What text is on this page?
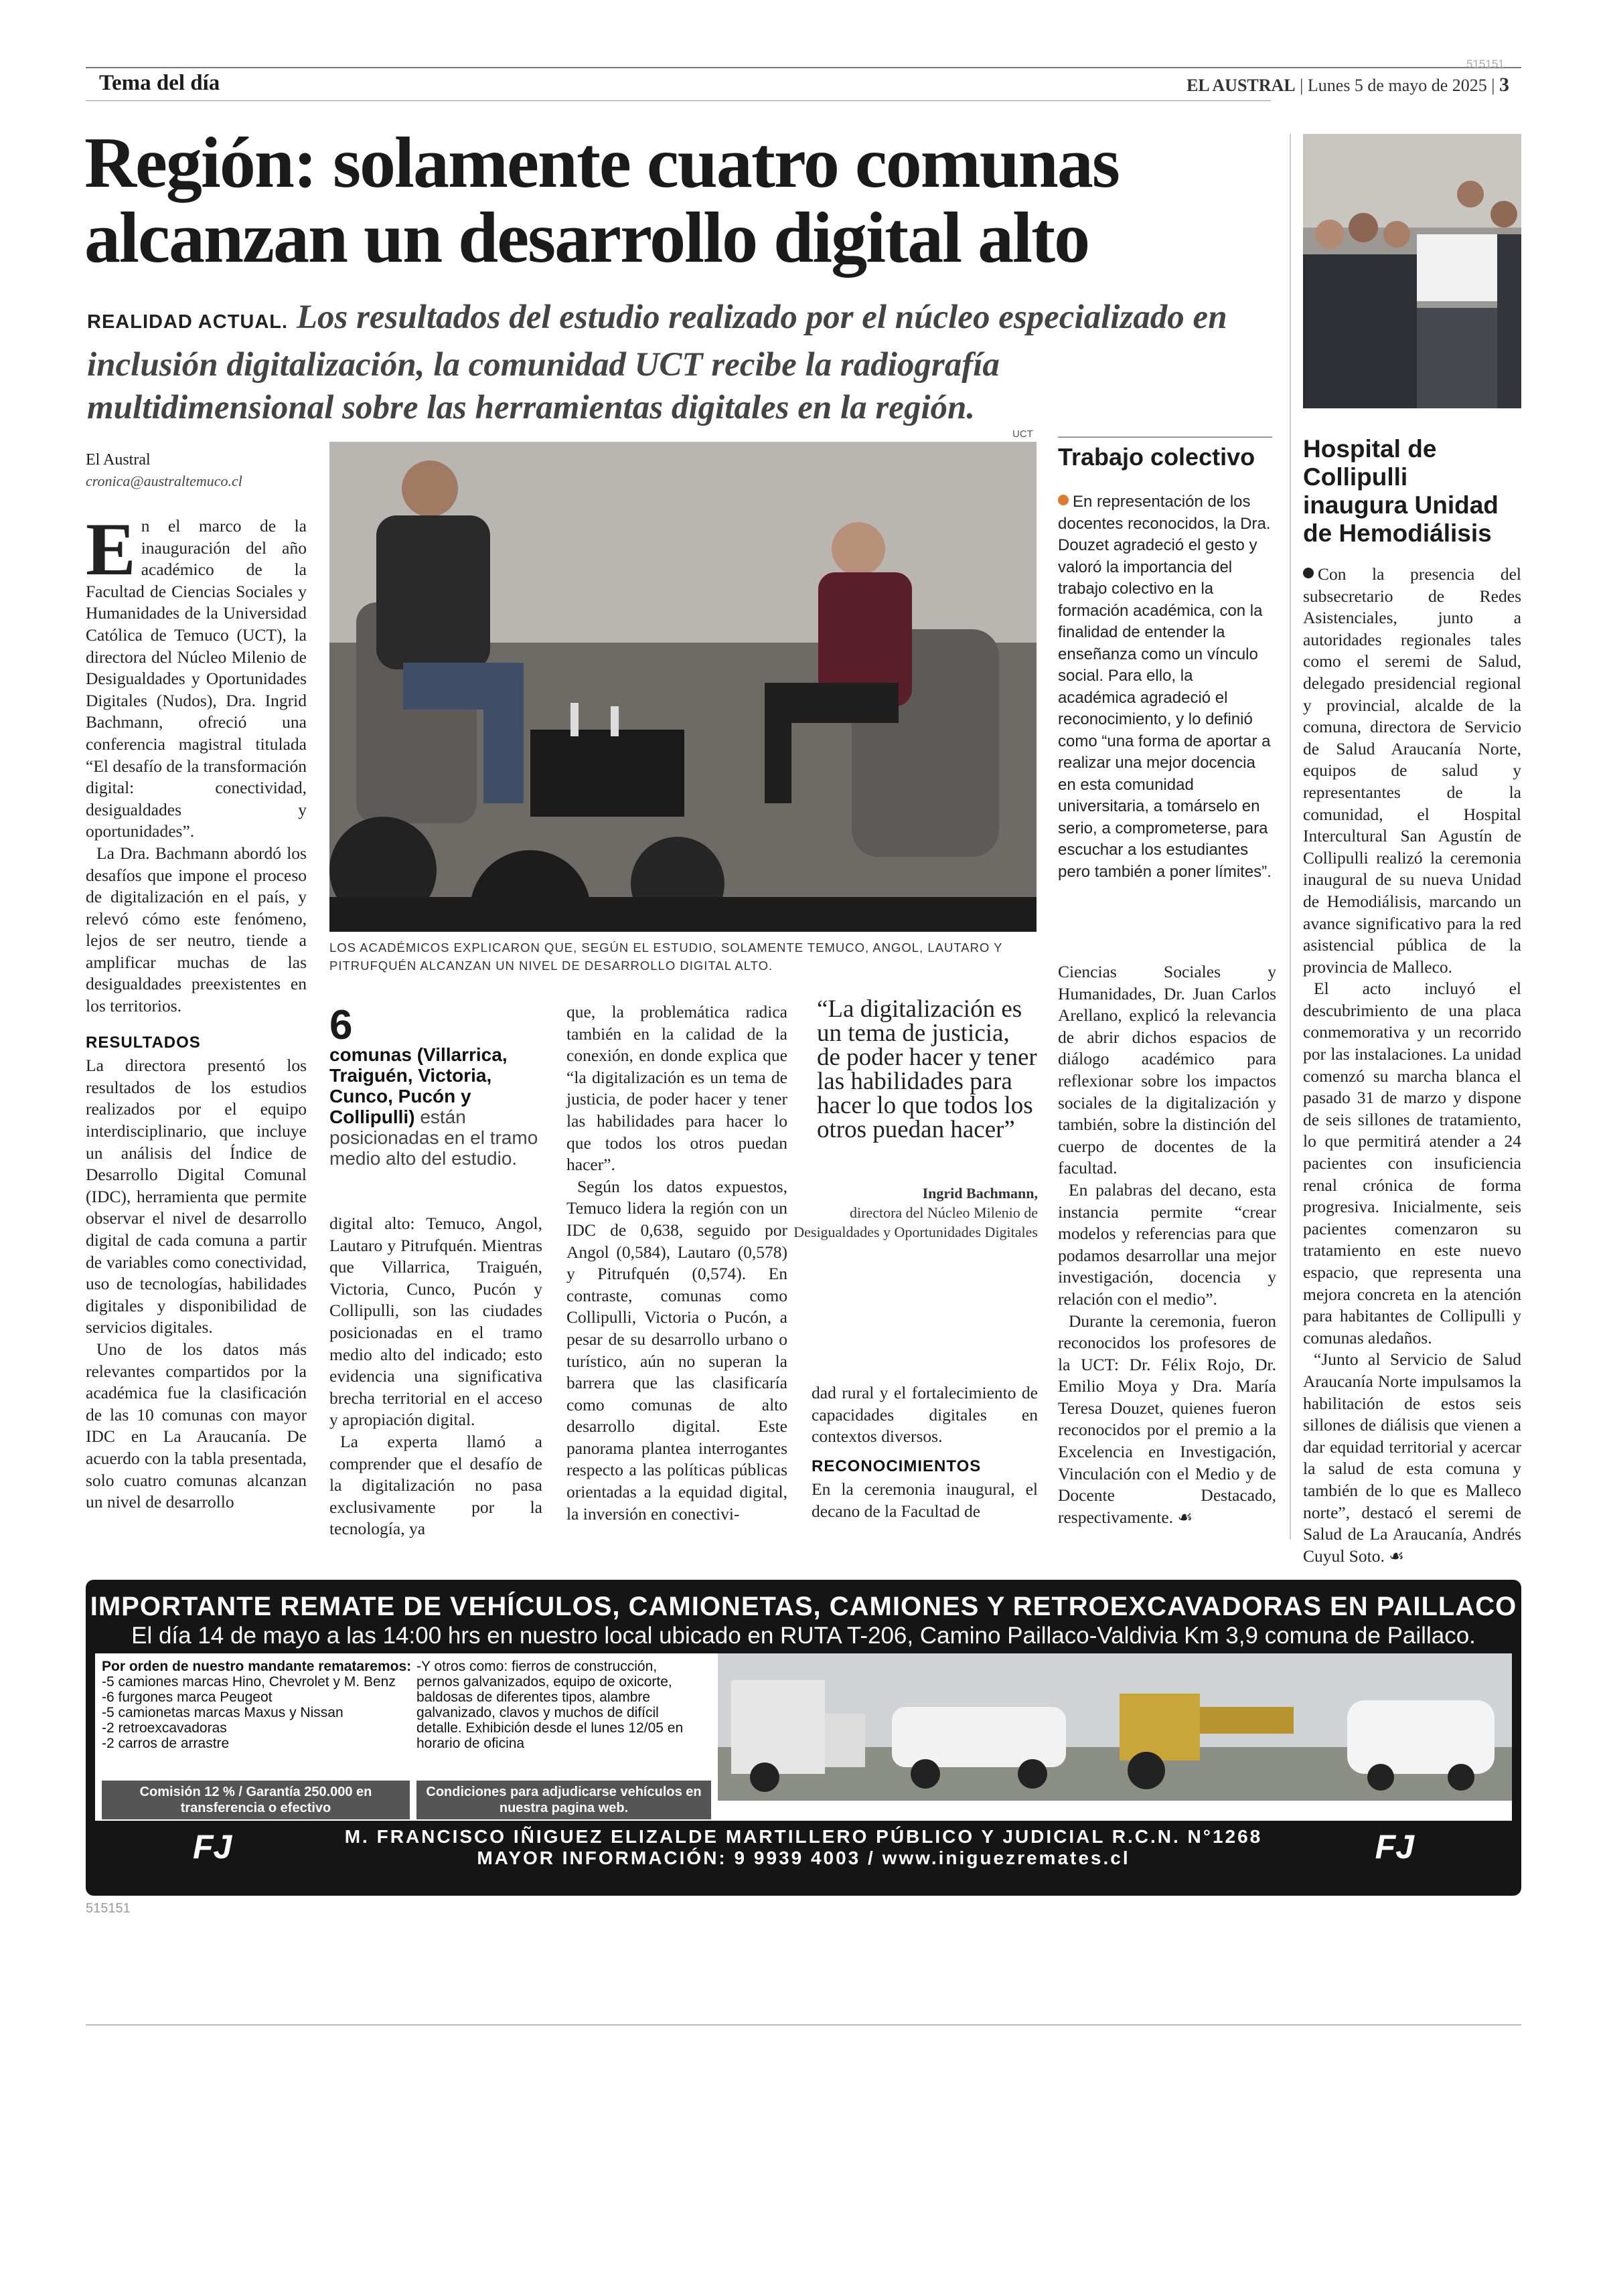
Tema del día	EL AUSTRAL | Lunes 5 de mayo de 2025 | 3
515151
Región: solamente cuatro comunas alcanzan un desarrollo digital alto
REALIDAD ACTUAL. Los resultados del estudio realizado por el núcleo especializado en inclusión digitalización, la comunidad UCT recibe la radiografía multidimensional sobre las herramientas digitales en la región.
El Austral
cronica@australtemuco.cl

En el marco de la inauguración del año académico de la Facultad de Ciencias Sociales y Humanidades de la Universidad Católica de Temuco (UCT), la directora del Núcleo Milenio de Desigualdades y Oportunidades Digitales (Nudos), Dra. Ingrid Bachmann, ofreció una conferencia magistral titulada “El desafío de la transformación digital: conectividad, desigualdades y oportunidades”.

La Dra. Bachmann abordó los desafíos que impone el proceso de digitalización en el país, y relevó cómo este fenómeno, lejos de ser neutro, tiende a amplificar muchas de las desigualdades preexistentes en los territorios.

RESULTADOS

La directora presentó los resultados de los estudios realizados por el equipo interdisciplinario, que incluye un análisis del Índice de Desarrollo Digital Comunal (IDC), herramienta que permite observar el nivel de desarrollo digital de cada comuna a partir de variables como conectividad, uso de tecnologías, habilidades digitales y disponibilidad de servicios digitales.

Uno de los datos más relevantes compartidos por la académica fue la clasificación de las 10 comunas con mayor IDC en La Araucanía. De acuerdo con la tabla presentada, solo cuatro comunas alcanzan un nivel de desarrollo

UCT
LOS ACADÉMICOS EXPLICARON QUE, SEGÚN EL ESTUDIO, SOLAMENTE TEMUCO, ANGOL, LAUTARO Y PITRUFQUÉN ALCANZAN UN NIVEL DE DESARROLLO DIGITAL ALTO.
6
comunas (Villarrica, Traiguén, Victoria, Cunco, Pucón y Collipulli) están posicionadas en el tramo medio alto del estudio.

digital alto: Temuco, Angol, Lautaro y Pitrufquén. Mientras que Villarrica, Traiguén, Victoria, Cunco, Pucón y Collipulli, son las ciudades posicionadas en el tramo medio alto del indicado; esto evidencia una significativa brecha territorial en el acceso y apropiación digital.

La experta llamó a comprender que el desafío de la digitalización no pasa exclusivamente por la tecnología, ya

que, la problemática radica también en la calidad de la conexión, en donde explica que “la digitalización es un tema de justicia, de poder hacer y tener las habilidades para hacer lo que todos los otros puedan hacer”.

Según los datos expuestos, Temuco lidera la región con un IDC de 0,638, seguido por Angol (0,584), Lautaro (0,578) y Pitrufquén (0,574). En contraste, comunas como Collipulli, Victoria o Pucón, a pesar de su desarrollo urbano o turístico, aún no superan la barrera que las clasificaría como comunas de alto desarrollo digital. Este panorama plantea interrogantes respecto a las políticas públicas orientadas a la equidad digital, la inversión en conectivi-

“La digitalización es un tema de justicia, de poder hacer y tener las habilidades para hacer lo que todos los otros puedan hacer”
Ingrid Bachmann,
directora del Núcleo Milenio de Desigualdades y Oportunidades Digitales

dad rural y el fortalecimiento de capacidades digitales en contextos diversos.

RECONOCIMIENTOS

En la ceremonia inaugural, el decano de la Facultad de

Trabajo colectivo
En representación de los docentes reconocidos, la Dra. Douzet agradeció el gesto y valoró la importancia del trabajo colectivo en la formación académica, con la finalidad de entender la enseñanza como un vínculo social. Para ello, la académica agradeció el reconocimiento, y lo definió como “una forma de aportar a realizar una mejor docencia en esta comunidad universitaria, a tomárselo en serio, a comprometerse, para escuchar a los estudiantes pero también a poner límites”.

Ciencias Sociales y Humanidades, Dr. Juan Carlos Arellano, explicó la relevancia de abrir dichos espacios de diálogo académico para reflexionar sobre los impactos sociales de la digitalización y también, sobre la distinción del cuerpo de docentes de la facultad.

En palabras del decano, esta instancia permite “crear modelos y referencias para que podamos desarrollar una mejor investigación, docencia y relación con el medio”.

Durante la ceremonia, fueron reconocidos los profesores de la UCT: Dr. Félix Rojo, Dr. Emilio Moya y Dra. María Teresa Douzet, quienes fueron reconocidos por el premio a la Excelencia en Investigación, Vinculación con el Medio y de Docente Destacado, respectivamente. ☙

Hospital de Collipulli inaugura Unidad de Hemodiálisis

Con la presencia del subsecretario de Redes Asistenciales, junto a autoridades regionales tales como el seremi de Salud, delegado presidencial regional y provincial, alcalde de la comuna, directora de Servicio de Salud Araucanía Norte, equipos de salud y representantes de la comunidad, el Hospital Intercultural San Agustín de Collipulli realizó la ceremonia inaugural de su nueva Unidad de Hemodiálisis, marcando un avance significativo para la red asistencial pública de la provincia de Malleco.

El acto incluyó el descubrimiento de una placa conmemorativa y un recorrido por las instalaciones. La unidad comenzó su marcha blanca el pasado 31 de marzo y dispone de seis sillones de tratamiento, lo que permitirá atender a 24 pacientes con insuficiencia renal crónica de forma progresiva. Inicialmente, seis pacientes comenzaron su tratamiento en este nuevo espacio, que representa una mejora concreta en la atención para habitantes de Collipulli y comunas aledaños.

“Junto al Servicio de Salud Araucanía Norte impulsamos la habilitación de estos seis sillones de diálisis que vienen a dar equidad territorial y acercar la salud de esta comuna y también de lo que es Malleco norte”, destacó el seremi de Salud de La Araucanía, Andrés Cuyul Soto. ☙

IMPORTANTE REMATE DE VEHÍCULOS, CAMIONETAS, CAMIONES Y RETROEXCAVADORAS EN PAILLACO
El día 14 de mayo a las 14:00 hrs en nuestro local ubicado en RUTA T-206, Camino Paillaco-Valdivia Km 3,9 comuna de Paillaco.
Por orden de nuestro mandante remataremos:
-5 camiones marcas Hino, Chevrolet y M. Benz
-6 furgones marca Peugeot
-5 camionetas marcas Maxus y Nissan
-2 retroexcavadoras
-2 carros de arrastre
-Y otros como: fierros de construcción, pernos galvanizados, equipo de oxicorte, baldosas de diferentes tipos, alambre galvanizado, clavos y muchos de difícil detalle. Exhibición desde el lunes 12/05 en horario de oficina
Comisión 12 % / Garantía 250.000 en transferencia o efectivo
Condiciones para adjudicarse vehículos en nuestra pagina web.	Exhibición desde el lunes 12/05 en horarios de oficina.
FJ	FJ
M. FRANCISCO IÑIGUEZ ELIZALDE MARTILLERO PÚBLICO Y JUDICIAL R.C.N. N°1268
MAYOR INFORMACIÓN: 9 9939 4003 / www.iniguezremates.cl
515151
